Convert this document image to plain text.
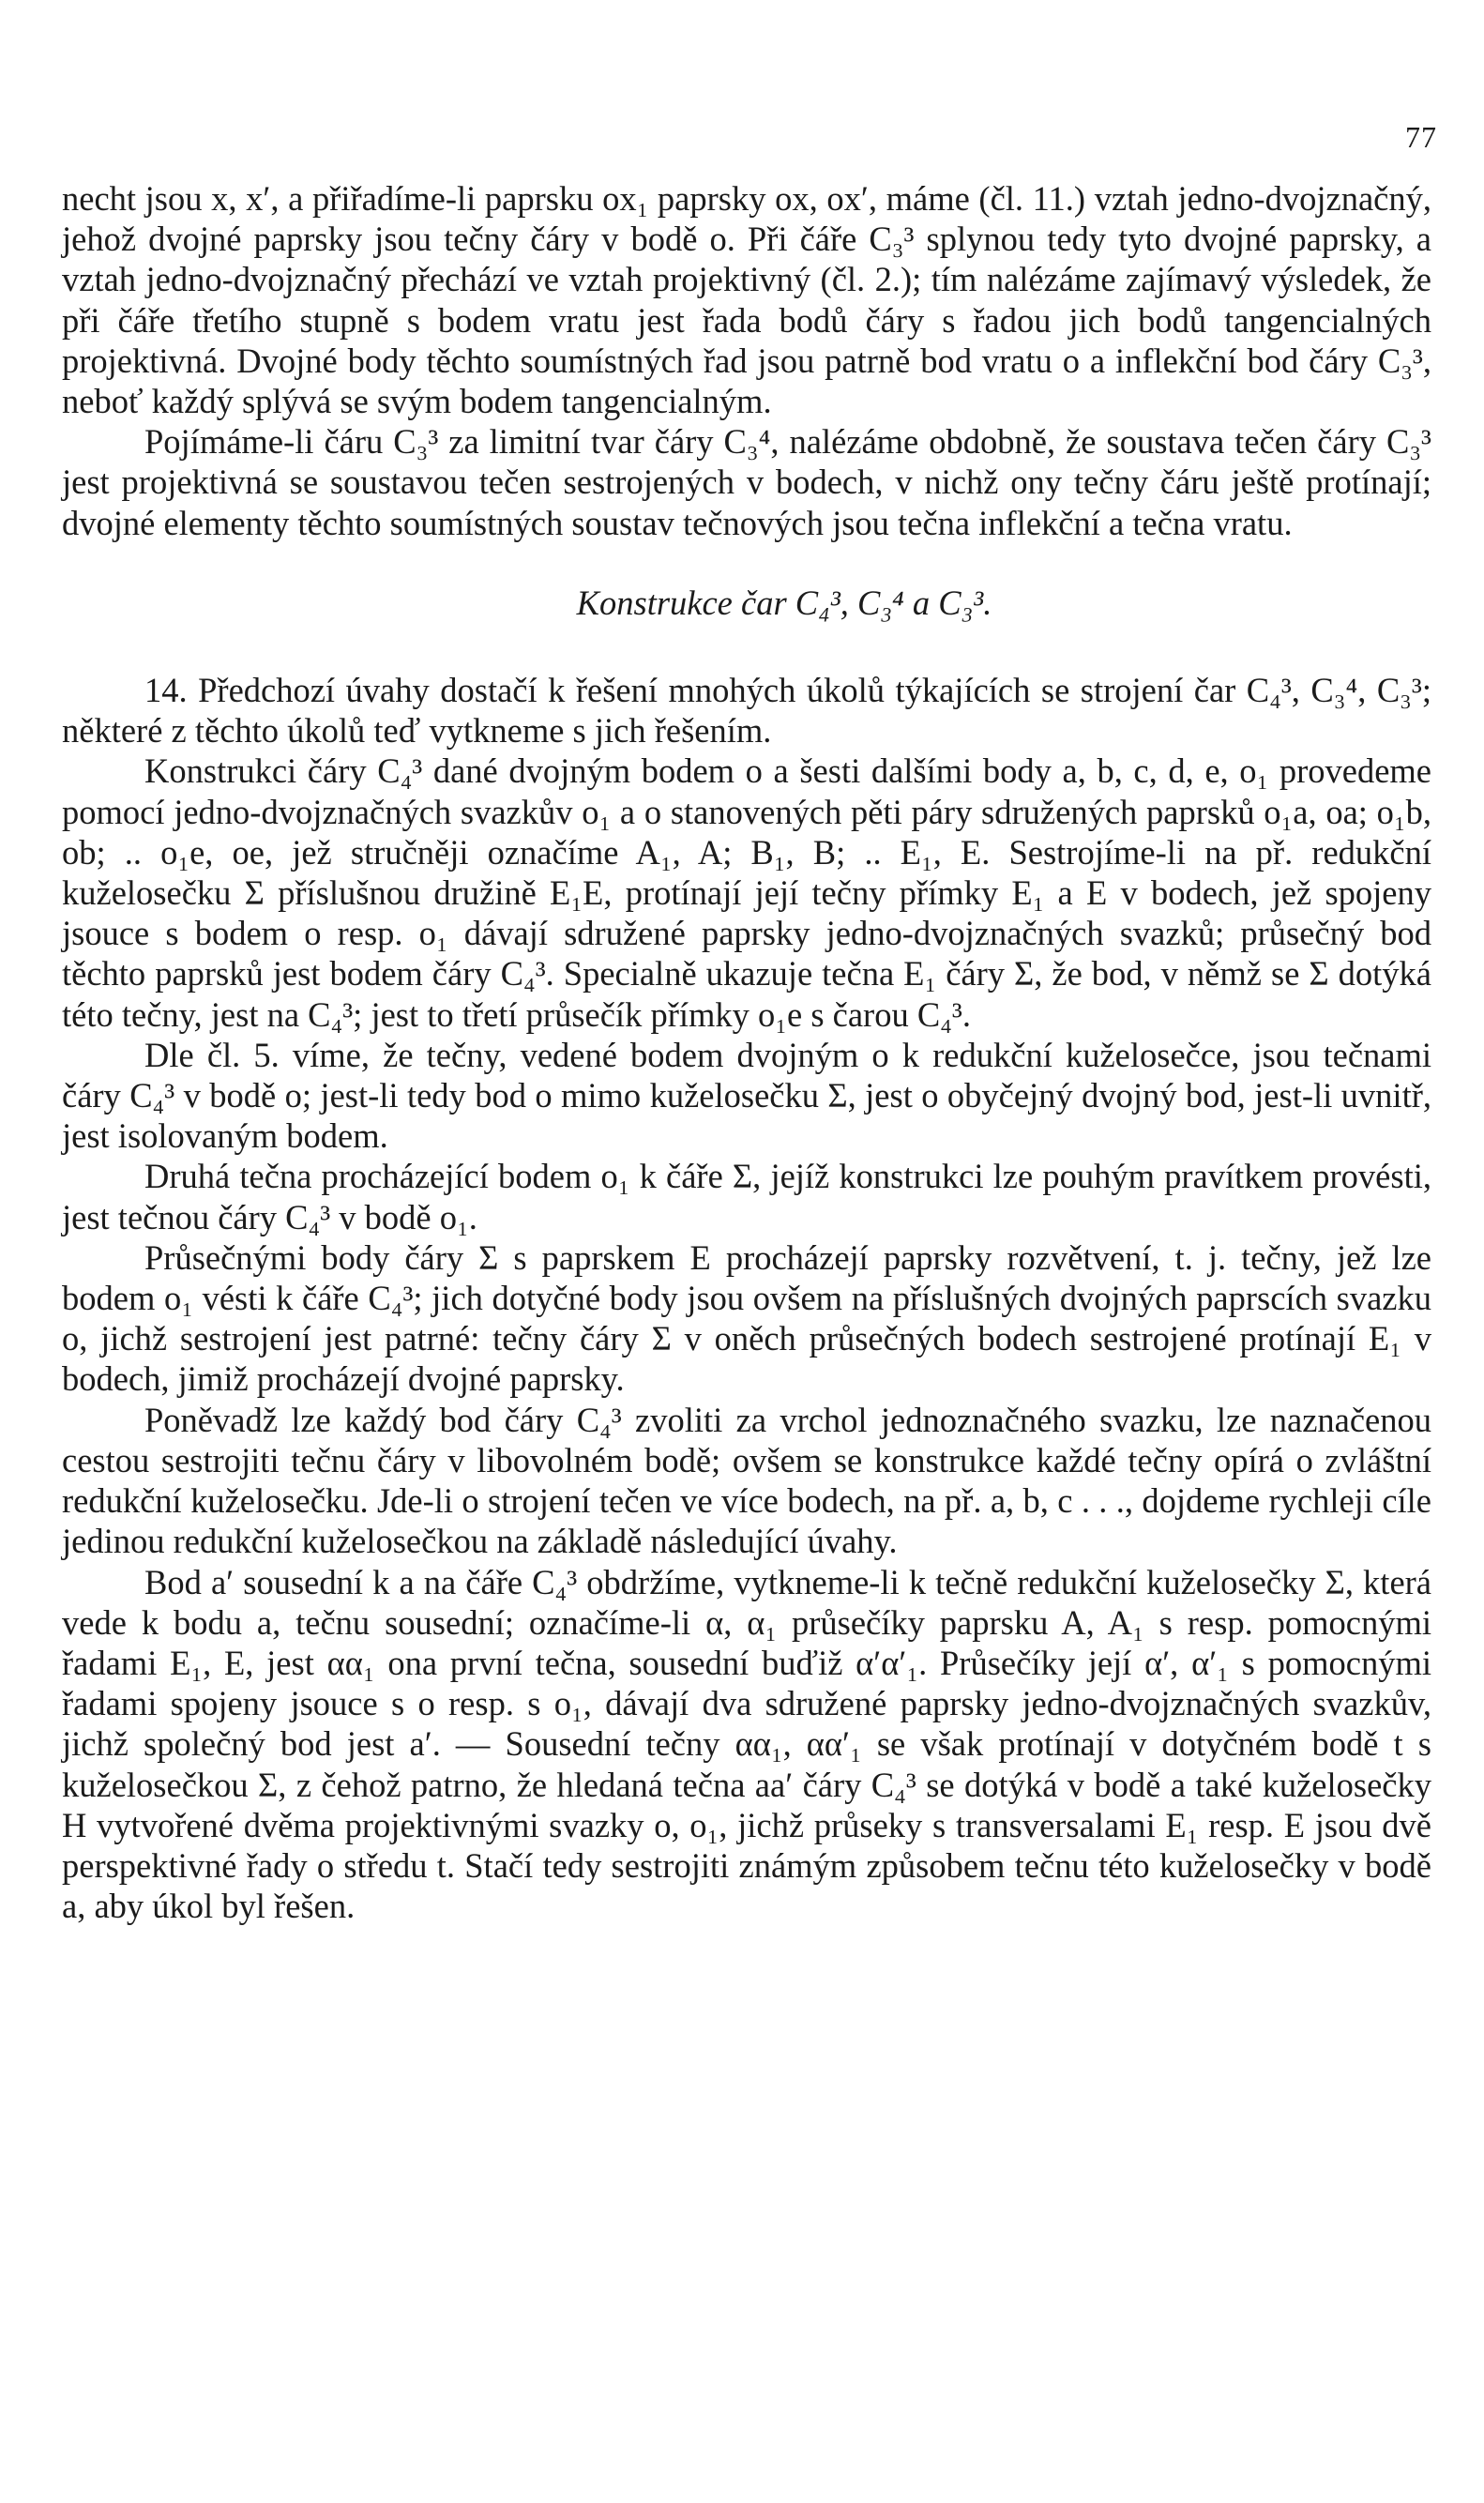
77

necht jsou x, x′, a přiřadíme-li paprsku ox₁ paprsky ox, ox′, máme (čl. 11.) vztah jedno-dvojznačný, jehož dvojné paprsky jsou tečny čáry v bodě o. Při čáře C₃³ splynou tedy tyto dvojné paprsky, a vztah jedno-dvojznačný přechází ve vztah projektivný (čl. 2.); tím nalézáme zajímavý výsledek, že při čáře třetího stupně s bodem vratu jest řada bodů čáry s řadou jich bodů tangencialných projektivná. Dvojné body těchto soumístných řad jsou patrně bod vratu o a inflekční bod čáry C₃³, neboť každý splývá se svým bodem tangencialným.

Pojímáme-li čáru C₃³ za limitní tvar čáry C₃⁴, nalézáme obdobně, že soustava tečen čáry C₃³ jest projektivná se soustavou tečen sestrojených v bodech, v nichž ony tečny čáru ještě protínají; dvojné elementy těchto soumístných soustav tečnových jsou tečna inflekční a tečna vratu.

Konstrukce čar C₄³, C₃⁴ a C₃³.

14. Předchozí úvahy dostačí k řešení mnohých úkolů týkajících se strojení čar C₄³, C₃⁴, C₃³; některé z těchto úkolů teď vytkneme s jich řešením.

Konstrukci čáry C₄³ dané dvojným bodem o a šesti dalšími body a, b, c, d, e, o₁ provedeme pomocí jedno-dvojznačných svazkův o₁ a o stanovených pěti páry sdružených paprsků o₁a, oa; o₁b, ob; .. o₁e, oe, jež stručněji označíme A₁, A; B₁, B; .. E₁, E. Sestrojíme-li na př. redukční kuželosečku Σ příslušnou družině E₁E, protínají její tečny přímky E₁ a E v bodech, jež spojeny jsouce s bodem o resp. o₁ dávají sdružené paprsky jedno-dvojznačných svazků; průsečný bod těchto paprsků jest bodem čáry C₄³. Specialně ukazuje tečna E₁ čáry Σ, že bod, v němž se Σ dotýká této tečny, jest na C₄³; jest to třetí průsečík přímky o₁e s čarou C₄³.

Dle čl. 5. víme, že tečny, vedené bodem dvojným o k redukční kuželosečce, jsou tečnami čáry C₄³ v bodě o; jest-li tedy bod o mimo kuželosečku Σ, jest o obyčejný dvojný bod, jest-li uvnitř, jest isolovaným bodem.

Druhá tečna procházející bodem o₁ k čáře Σ, jejíž konstrukci lze pouhým pravítkem provésti, jest tečnou čáry C₄³ v bodě o₁.

Průsečnými body čáry Σ s paprskem E procházejí paprsky rozvětvení, t. j. tečny, jež lze bodem o₁ vésti k čáře C₄³; jich dotyčné body jsou ovšem na příslušných dvojných paprscích svazku o, jichž sestrojení jest patrné: tečny čáry Σ v oněch průsečných bodech sestrojené protínají E₁ v bodech, jimiž procházejí dvojné paprsky.

Poněvadž lze každý bod čáry C₄³ zvoliti za vrchol jednoznačného svazku, lze naznačenou cestou sestrojiti tečnu čáry v libovolném bodě; ovšem se konstrukce každé tečny opírá o zvláštní redukční kuželosečku. Jde-li o strojení tečen ve více bodech, na př. a, b, c . . ., dojdeme rychleji cíle jedinou redukční kuželosečkou na základě následující úvahy.

Bod a′ sousední k a na čáře C₄³ obdržíme, vytkneme-li k tečně redukční kuželosečky Σ, která vede k bodu a, tečnu sousední; označíme-li α, α₁ průsečíky paprsku A, A₁ s resp. pomocnými řadami E₁, E, jest αα₁ ona první tečna, sousední buďiž α′α′₁. Průsečíky její α′, α′₁ s pomocnými řadami spojeny jsouce s o resp. s o₁, dávají dva sdružené paprsky jedno-dvojznačných svazkův, jichž společný bod jest a′. — Sousední tečny αα₁, αα′₁ se však protínají v dotyčném bodě t s kuželosečkou Σ, z čehož patrno, že hledaná tečna aa′ čáry C₄³ se dotýká v bodě a také kuželosečky H vytvořené dvěma projektivnými svazky o, o₁, jichž průseky s transversalami E₁ resp. E jsou dvě perspektivné řady o středu t. Stačí tedy sestrojiti známým způsobem tečnu této kuželosečky v bodě a, aby úkol byl řešen.
